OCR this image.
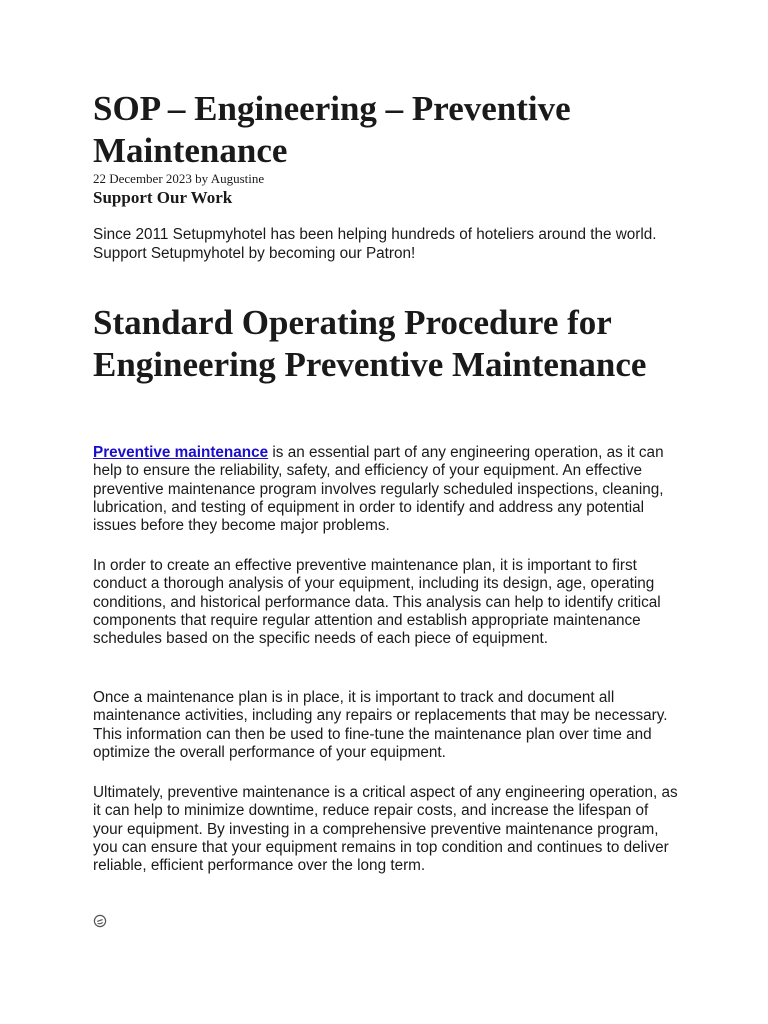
SOP – Engineering – Preventive Maintenance
22 December 2023 by Augustine
Support Our Work

Since 2011 Setupmyhotel has been helping hundreds of hoteliers around the world. Support Setupmyhotel by becoming our Patron!

Standard Operating Procedure for Engineering Preventive Maintenance

Preventive maintenance is an essential part of any engineering operation, as it can help to ensure the reliability, safety, and efficiency of your equipment. An effective preventive maintenance program involves regularly scheduled inspections, cleaning, lubrication, and testing of equipment in order to identify and address any potential issues before they become major problems.

In order to create an effective preventive maintenance plan, it is important to first conduct a thorough analysis of your equipment, including its design, age, operating conditions, and historical performance data. This analysis can help to identify critical components that require regular attention and establish appropriate maintenance schedules based on the specific needs of each piece of equipment.

Once a maintenance plan is in place, it is important to track and document all maintenance activities, including any repairs or replacements that may be necessary. This information can then be used to fine-tune the maintenance plan over time and optimize the overall performance of your equipment.

Ultimately, preventive maintenance is a critical aspect of any engineering operation, as it can help to minimize downtime, reduce repair costs, and increase the lifespan of your equipment. By investing in a comprehensive preventive maintenance program, you can ensure that your equipment remains in top condition and continues to deliver reliable, efficient performance over the long term.
